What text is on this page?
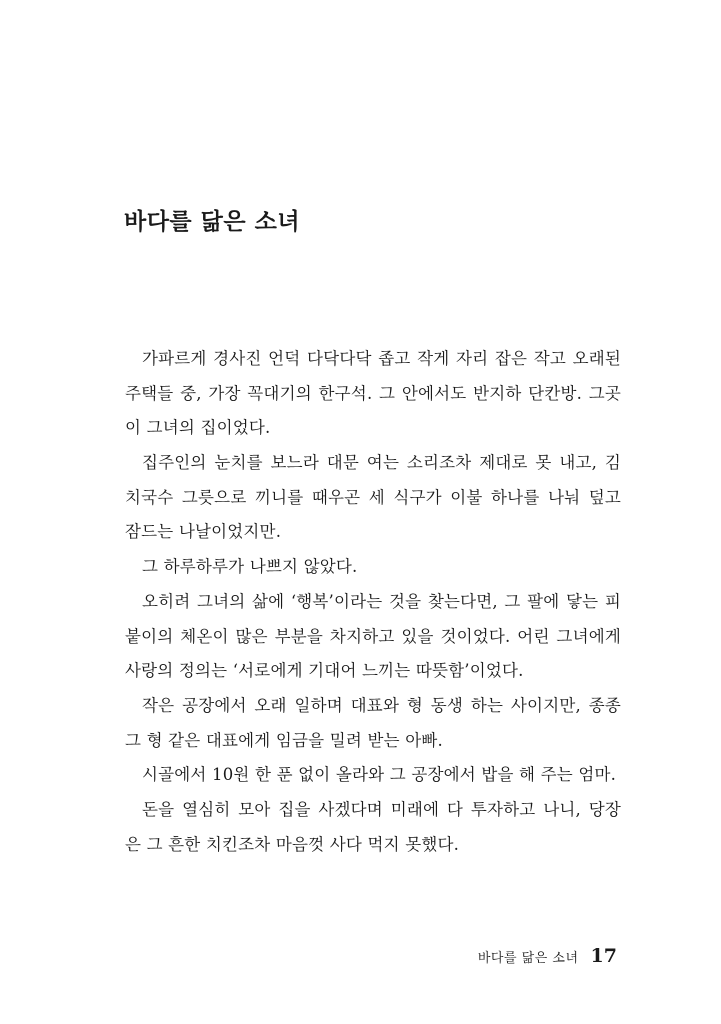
바다를 닮은 소녀
가파르게 경사진 언덕 다닥다닥 좁고 작게 자리 잡은 작고 오래된
주택들 중, 가장 꼭대기의 한구석. 그 안에서도 반지하 단칸방. 그곳
이 그녀의 집이었다.
집주인의 눈치를 보느라 대문 여는 소리조차 제대로 못 내고, 김
치국수 그릇으로 끼니를 때우곤 세 식구가 이불 하나를 나눠 덮고
잠드는 나날이었지만.
그 하루하루가 나쁘지 않았다.
오히려 그녀의 삶에 ‘행복’이라는 것을 찾는다면, 그 팔에 닿는 피
붙이의 체온이 많은 부분을 차지하고 있을 것이었다. 어린 그녀에게
사랑의 정의는 ‘서로에게 기대어 느끼는 따뜻함’이었다.
작은 공장에서 오래 일하며 대표와 형 동생 하는 사이지만, 종종
그 형 같은 대표에게 임금을 밀려 받는 아빠.
시골에서 10원 한 푼 없이 올라와 그 공장에서 밥을 해 주는 엄마.
돈을 열심히 모아 집을 사겠다며 미래에 다 투자하고 나니, 당장
은 그 흔한 치킨조차 마음껏 사다 먹지 못했다.
바다를 닮은 소녀 17
